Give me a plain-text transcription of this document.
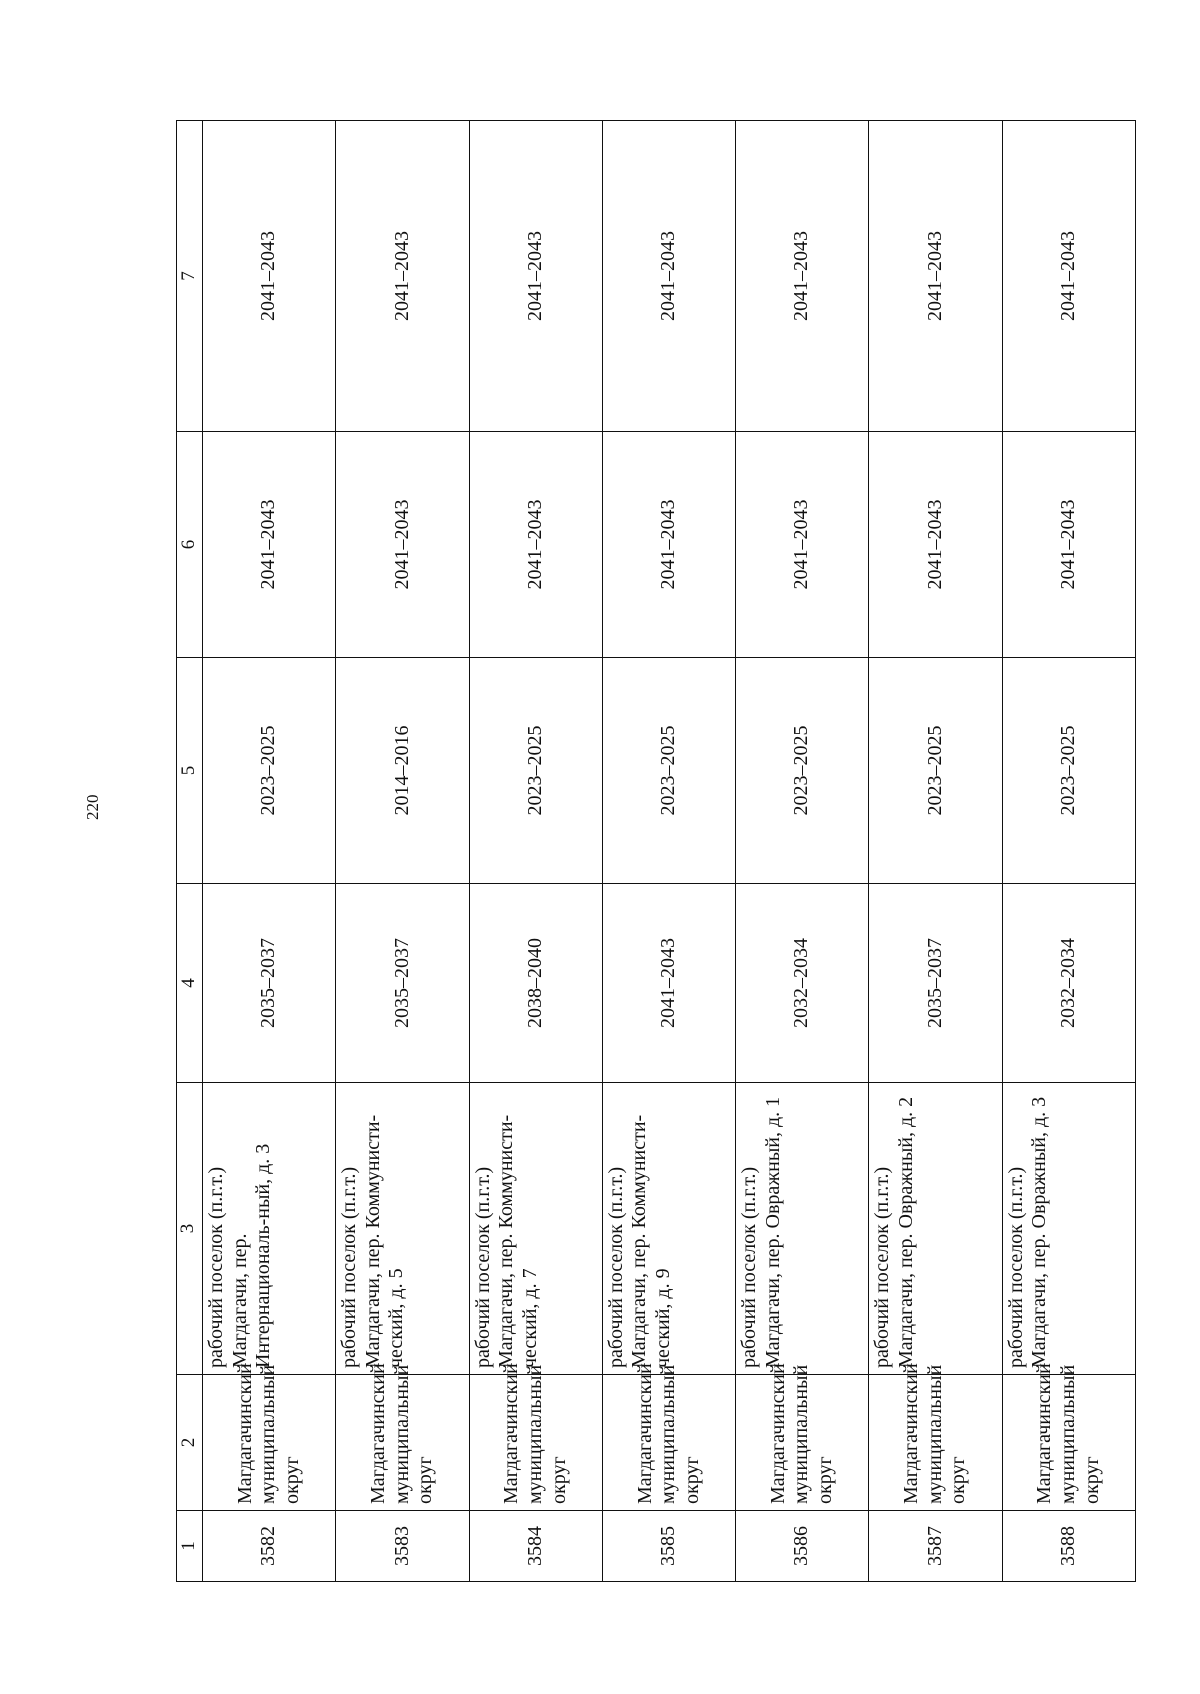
220
1	2	3	4	5	6	7
3582	Магдагачинский муниципальный округ	рабочий поселок (п.г.т.) Магдагачи, пер. Интернациональ-ный, д. 3	2035–2037	2023–2025	2041–2043	2041–2043
3583	Магдагачинский муниципальный округ	рабочий поселок (п.г.т.) Магдагачи, пер. Коммунисти-ческий, д. 5	2035–2037	2014–2016	2041–2043	2041–2043
3584	Магдагачинский муниципальный округ	рабочий поселок (п.г.т.) Магдагачи, пер. Коммунисти-ческий, д. 7	2038–2040	2023–2025	2041–2043	2041–2043
3585	Магдагачинский муниципальный округ	рабочий поселок (п.г.т.) Магдагачи, пер. Коммунисти-ческий, д. 9	2041–2043	2023–2025	2041–2043	2041–2043
3586	Магдагачинский муниципальный округ	рабочий поселок (п.г.т.) Магдагачи, пер. Овражный, д. 1	2032–2034	2023–2025	2041–2043	2041–2043
3587	Магдагачинский муниципальный округ	рабочий поселок (п.г.т.) Магдагачи, пер. Овражный, д. 2	2035–2037	2023–2025	2041–2043	2041–2043
3588	Магдагачинский муниципальный округ	рабочий поселок (п.г.т.) Магдагачи, пер. Овражный, д. 3	2032–2034	2023–2025	2041–2043	2041–2043
